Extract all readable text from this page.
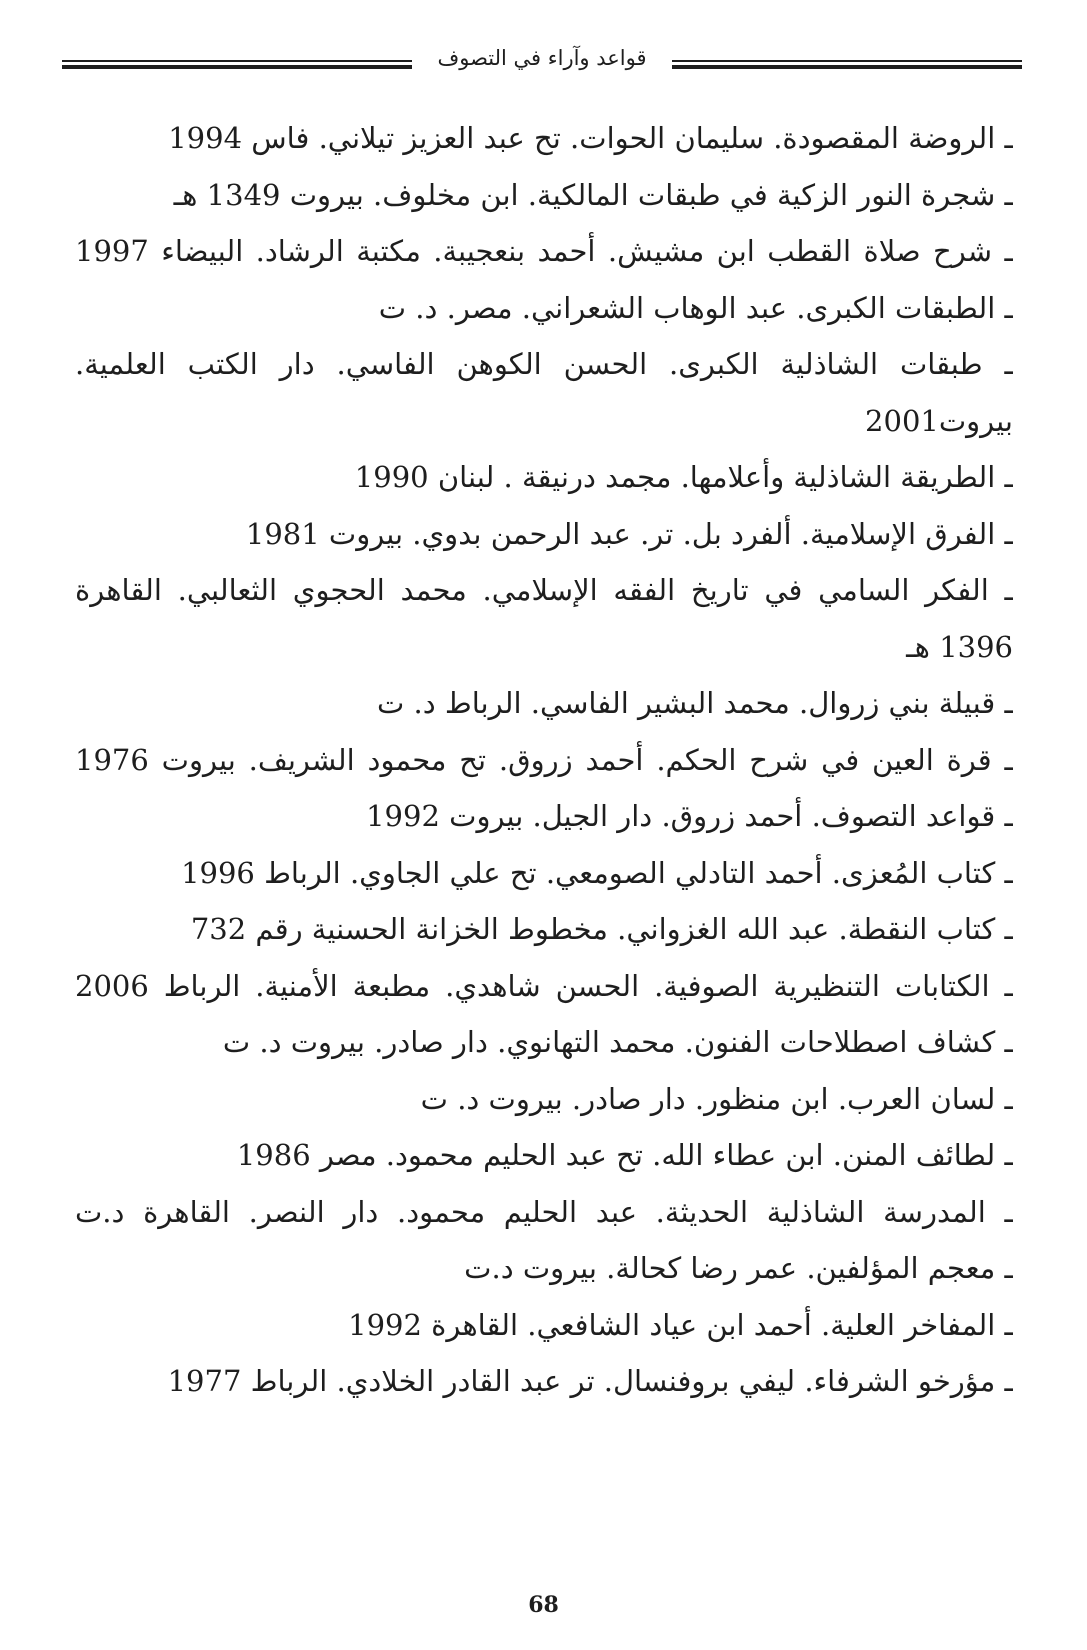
قواعد وآراء في التصوف
ـ الروضة المقصودة. سليمان الحوات. تح عبد العزيز تيلاني. فاس 1994
ـ شجرة النور الزكية في طبقات المالكية. ابن مخلوف. بيروت 1349 هـ
ـ شرح صلاة القطب ابن مشيش. أحمد بنعجيبة. مكتبة الرشاد. البيضاء 1997
ـ الطبقات الكبرى. عبد الوهاب الشعراني. مصر. د. ت
ـ طبقات الشاذلية الكبرى. الحسن الكوهن الفاسي. دار الكتب العلمية.
بيروت2001
ـ الطريقة الشاذلية وأعلامها. مجمد درنيقة . لبنان 1990
ـ الفرق الإسلامية. ألفرد بل. تر. عبد الرحمن بدوي. بيروت 1981
ـ الفكر السامي في تاريخ الفقه الإسلامي. محمد الحجوي الثعالبي. القاهرة
1396 هـ
ـ قبيلة بني زروال. محمد البشير الفاسي. الرباط د. ت
ـ قرة العين في شرح الحكم. أحمد زروق. تح محمود الشريف. بيروت 1976
ـ قواعد التصوف. أحمد زروق. دار الجيل. بيروت 1992
ـ كتاب المُعزى. أحمد التادلي الصومعي. تح علي الجاوي. الرباط 1996
ـ كتاب النقطة. عبد الله الغزواني. مخطوط الخزانة الحسنية رقم 732
ـ الكتابات التنظيرية الصوفية. الحسن شاهدي. مطبعة الأمنية. الرباط 2006
ـ كشاف اصطلاحات الفنون. محمد التهانوي. دار صادر. بيروت د. ت
ـ لسان العرب. ابن منظور. دار صادر. بيروت د. ت
ـ لطائف المنن. ابن عطاء الله. تح عبد الحليم محمود. مصر 1986
ـ المدرسة الشاذلية الحديثة. عبد الحليم محمود. دار النصر. القاهرة د.ت
ـ معجم المؤلفين. عمر رضا كحالة. بيروت د.ت
ـ المفاخر العلية. أحمد ابن عياد الشافعي. القاهرة 1992
ـ مؤرخو الشرفاء. ليفي بروفنسال. تر عبد القادر الخلادي. الرباط 1977
68
